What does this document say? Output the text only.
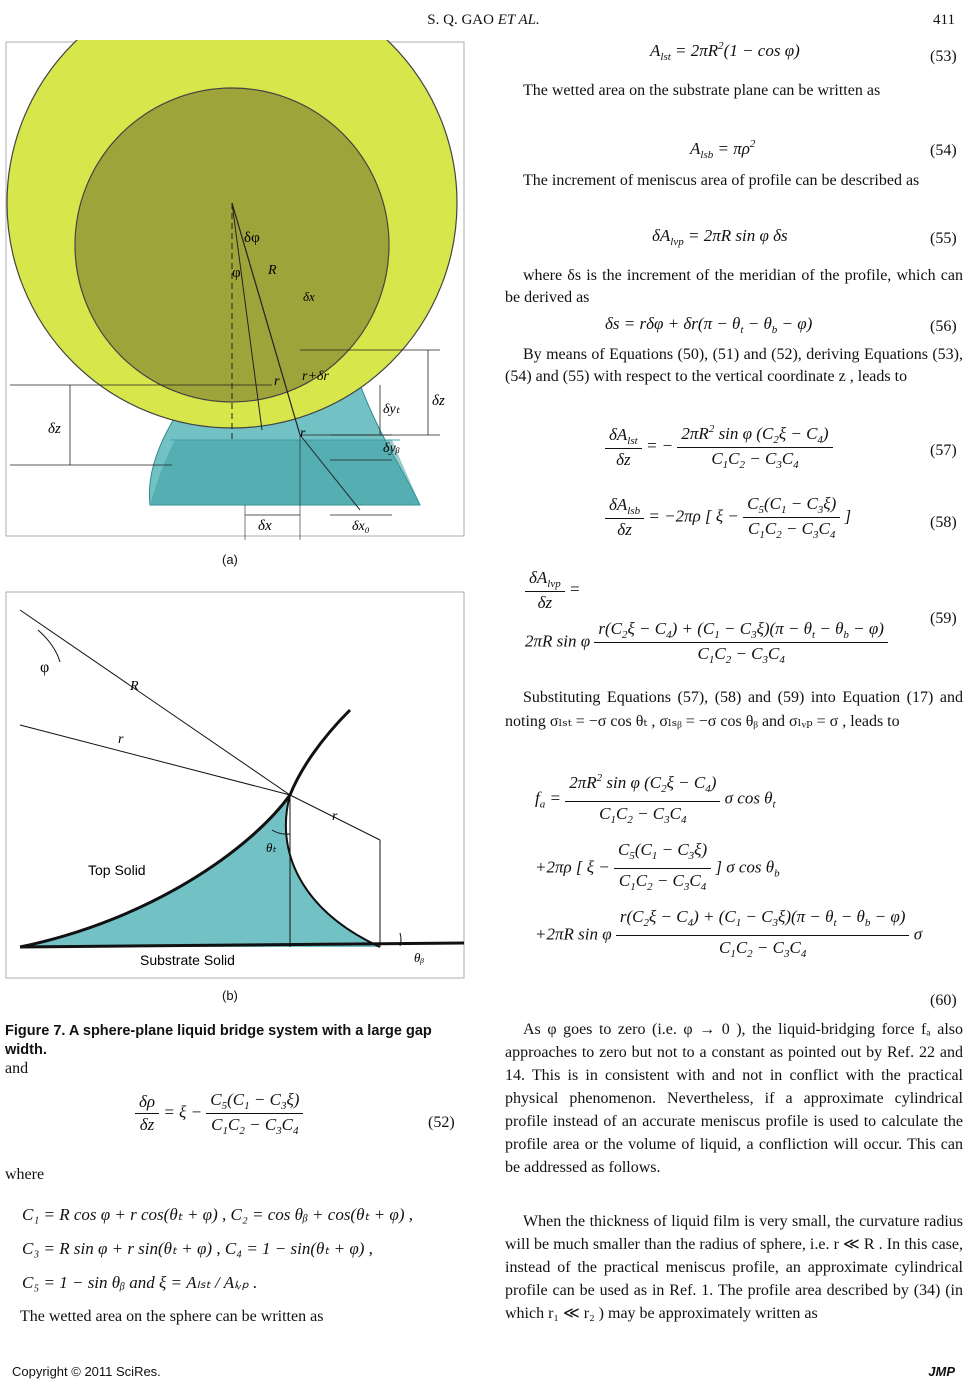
S. Q. GAO ET AL.	411
δφ
φ R
δx
δz
δz
δyₜ
δyᵦ
r r+δr
r
δx	δx₀
(a)
φ
R
r
r
Top Solid
Substrate Solid
θₜ
θᵦ
(b)
Figure 7. A sphere-plane liquid bridge system with a large gap width.
and
$\frac{\delta\rho}{\delta z} = \xi - \frac{C_5(C_1 - C_3\xi)}{C_1C_2 - C_3C_4}$	(52)
where
C₁ = R cos φ + r cos(θₜ + φ) , C₂ = cos θᵦ + cos(θₜ + φ) ,
C₃ = R sin φ + r sin(θₜ + φ) , C₄ = 1 − sin(θₜ + φ) ,
C₅ = 1 − sin θᵦ and ξ = Aₗₛₜ / Aₗᵥₚ .
The wetted area on the sphere can be written as
$A_{lst} = 2\pi R^2(1 - \cos \varphi)$	(53)
The wetted area on the substrate plane can be written as
$A_{lsb} = \pi\rho^2$	(54)
The increment of meniscus area of profile can be described as
$\delta A_{lvp} = 2\pi R$ sin φ δs	(55)
where δs is the increment of the meridian of the profile, which can be derived as
$\delta s = r\delta\varphi + \delta r(\pi - \theta_t - \theta_b - \varphi)$	(56)
By means of Equations (50), (51) and (52), deriving Equations (53), (54) and (55) with respect to the vertical coordinate z , leads to
$\frac{\delta A_{lst}}{\delta z}$ = − $\frac{2\pi R^2 \sin \varphi (C_2\xi - C_4)}{C_1C_2 - C_3C_4}$	(57)
$\frac{\delta A_{lsb}}{\delta z} = -2\pi\rho$ [ $\xi - \frac{C_5(C_1 - C_3\xi)}{C_1C_2 - C_3C_4}$ ]	(58)
$\frac{\delta A_{lvp}}{\delta z}$ =
2πR sin φ $\frac{r(C_2\xi - C_4) + (C_1 - C_3\xi)(\pi - \theta_t - \theta_b - \varphi)}{C_1C_2 - C_3C_4}$
(59)
Substituting Equations (57), (58) and (59) into Equation (17) and noting σₗₛₜ = −σ cos θₜ , σₗₛᵦ = −σ cos θᵦ and σₗᵥₚ = σ , leads to
$f_a = \frac{2\pi R^2 \sin \varphi (C_2\xi - C_4)}{C_1C_2 - C_3C_4}$ σ $\cos \theta_t$
+2πρ [ $\xi - \frac{C_5(C_1 - C_3\xi)}{C_1C_2 - C_3C_4}$ ] σ $\cos \theta_b$
+2πR sin φ $\frac{r(C_2\xi - C_4) + (C_1 - C_3\xi)(\pi - \theta_t - \theta_b - \varphi)}{C_1C_2 - C_3C_4}$ σ
(60)
As φ goes to zero (i.e. φ → 0 ), the liquid-bridging force fₐ also approaches to zero but not to a constant as pointed out by Ref. 22 and 14. This is in consistent with and not in conflict with the practical physical phenomenon. Nevertheless, if a approximate cylindrical profile instead of an accurate meniscus profile is used to calculate the profile area or the volume of liquid, a confliction will occur. This can be addressed as follows.
When the thickness of liquid film is very small, the curvature radius will be much smaller than the radius of sphere, i.e. r ≪ R . In this case, instead of the practical meniscus profile, an approximate cylindrical profile can be used as in Ref. 1. The profile area described by (34) (in which r₁ ≪ r₂ ) may be approximately written as
Copyright © 2011 SciRes.	JMP
